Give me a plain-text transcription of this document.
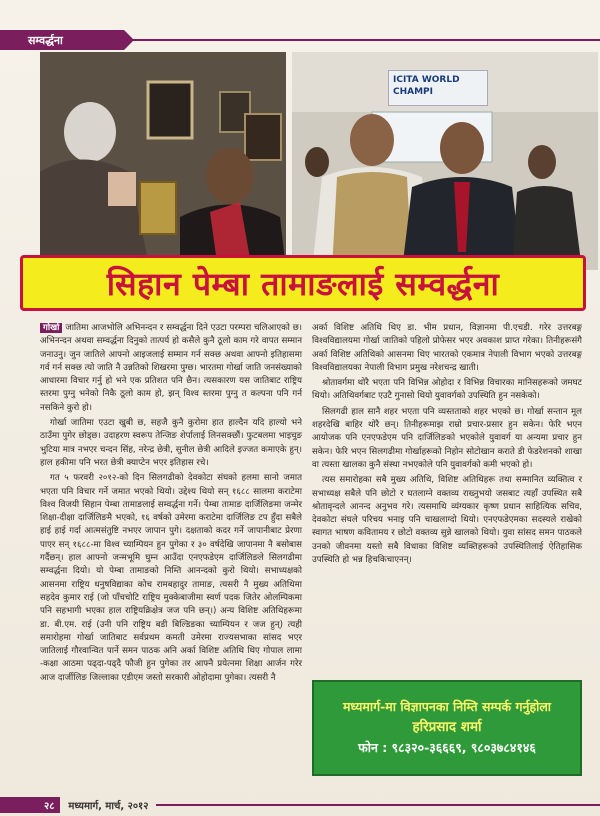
सम्वर्द्धना
ICITA WORLD CHAMPI
सिहान पेम्बा तामाङलाई सम्वर्द्धना

गोर्खा जातिमा आजभोलि अभिनन्दन र सम्वर्द्धना दिने एउटा परम्परा चलिआएको छ। अभिनन्दन अथवा सम्वर्द्धना दिनुको तात्पर्य हो कसैले कुनै ठूलो काम गरे वापत सम्मान जनाउनु। जुन जातिले आफ्नो आइजलाई सम्मान गर्न सक्छ अथवा आफ्नो इतिहासमा गर्व गर्न सक्छ त्यो जाति नै उन्नतिको शिखरमा पुग्छ। भारतमा गोर्खा जाति जनसंख्याको आधारमा विचार गर्नु हो भने एक प्रतिशत पनि छैन। त्यसकारण यस जातिबाट राष्ट्रिय स्तरमा पुग्नु भनेको निकै ठूलो काम हो, झन् विश्व स्तरमा पुग्नु त कल्पना पनि गर्न नसकिने कुरो हो।

गोर्खा जातिमा एउटा खुबी छ, सहजै कुनै कुरोमा हात हाल्दैन यदि हाल्यो भने ठाउँमा पुगेर छोड्छ। उदाहरण स्वरूप तेन्जिङ शेर्पालाई लिनसक्छौं। फुटबलमा भाइचुङ भुटिया मात्र नभएर चन्दन सिंह, नरेन्द्र छेत्री, सुनील छेत्री आदिले इज्जत कमाएके हुन्। हाल हकीमा पनि भरत छेत्री क्याप्टेन भएर इतिहास रचे।

गत ५ फरवरी २०१२-को दिन सिलगढीको देवकोटा संघको हलमा सानो जमात भएता पनि विचार गर्ने जमात भएको थियो। उद्देश्य थियो सन् १६८८ सालमा कराटेमा विश्व विजयी सिहान पेम्बा तामाङलाई सम्वर्द्धना गर्ने। पेम्बा तामाङ दार्जिलिङमा जन्मेर शिक्षा-दीक्षा दार्जिलिङमै भएको, १६ वर्षको उमेरमा कराटेमा दार्जिलिङ टप हुँदा सबैले हाई हाई गर्दा आत्मसंतुष्टि नभएर जापान पुगे। दक्षताको कदर गर्ने जापानीबाट प्रेरणा पाएर सन् १६८८-मा विश्व च्याम्पियन हुन पुगेका र ३० वर्षदेखि जापानमा नै बसोबास गर्दैछन्। हाल आफ्नो जन्मभूमि घुम्न आउँदा एनएफडेएम दार्जिलिङले सिलगढीमा सम्वर्द्धना दियो। यो पेम्बा तामाङको निम्ति आनन्दको कुरो थियो। सभाध्यक्षको आसनमा राष्ट्रिय धनुषविद्याका कोच रामबहादुर तामाङ, त्यसरी नै मुख्य अतिथिमा सहदेव कुमार राई (जो पाँचचोटि राष्ट्रिय मुक्केबाजीमा स्वर्ण पदक जितेर ओलम्पिकमा पनि सहभागी भएका हाल राष्ट्रियक्रिक्षेत्र जज पनि छन्।) अन्य विशिष्ट अतिथिहरूमा डा. बी.एम. राई (उनी पनि राष्ट्रिय बडी बिल्डिङका च्याम्पियन र जज हुन्) त्यही समारोहमा गोर्खा जातिबाट सर्वप्रथम कमती उमेरमा राज्यसभाका सांसद भएर जातिलाई गौरवान्वित पार्ने समन पाठक अनि अर्का विशिष्ट अतिथि थिए गोपाल लामा -कक्षा आठमा पढ्दा-पढ्दै फौजी हुन पुगेका तर आफ्नै प्रयेत्नमा शिक्षा आर्जन गरेर आज दार्जीलिङ जिल्लाका एडीएम जस्तो सरकारी ओहोदामा पुगेका। त्यसरी नै

अर्का विशिष्ट अतिथि थिए डा. भीम प्रधान, विज्ञानमा पी.एचडी. गरेर उत्तरबङ्ग विश्वविद्यालयमा गोर्खा जातिको पहिलो प्रोफेसर भएर अवकाश प्राप्त गरेका। तिनीहरूसंगै अर्का विशिष्ट अतिथिको आसनमा थिए भारतको एकमात्र नेपाली विभाग भएको उत्तरबङ्ग विश्वविद्यालयका नेपाली विभाग प्रमुख नरेशचन्द्र खाती।

श्रोतावर्गमा थोरै भएता पनि विभिन्न ओहोदा र विभिन्न विचारका मानिसहरूको जमघट थियो। अतिथिवर्गबाट एउटै गुनासो थियो युवावर्गको उपस्थिति हुन नसकेको।

सिलगढी हाल सानै शहर भएता पनि व्यस्तताको शहर भएको छ। गोर्खा सन्तान मूल शहरदेखि बाहिर थोरै छन्। तिनीहरूमाझ राम्रो प्रचार-प्रसार हुन सकेन। फेरि भएन आयोजक पनि एनएफडेएम पनि दार्जिलिङको भएकोले युवावर्ग या अन्यमा प्रचार हुन सकेन। फेरि भएन सिलगढीमा गोर्खाहरूको निहोन सोटोखान कराते डी फेडरेशनको शाखा वा त्यस्ता खालका कुनै संस्था नभएकोले पनि युवावर्गको कमी भएको हो।

त्यस समारोहका सबै मुख्य अतिथि, विशिष्ट अतिथिहरू तथा सम्मानित व्यक्तित्व र सभाध्यक्ष सबैले पनि छोटो र घतलाग्ने वक्तव्य राख्नुभयो जसबाट त्यहाँ उपस्थित सबै श्रोतावृन्दले आनन्द अनुभव गरे। त्यसमाथि व्यंग्यकार कृष्ण प्रधान साहित्यिक सचिव, देवकोटा संघले परिचय भनाइ पनि चाखलाग्दो थियो। एनएफडेएमका सदस्यले राखेको स्वागत भाषण कवितामय र छोटो वक्तव्य सुन्ने खालको थियो। युवा सांसद समन पाठकले उनको जीवनमा यस्तो सबै विधाका विशिष्ट व्यक्तिहरूको उपस्थितिलाई ऐतिहासिक उपस्थिति हो भन्न हिचकिचाएनन्।

मध्यमार्ग-मा विज्ञापनका निम्ति सम्पर्क गर्नुहोला
हरिप्रसाद शर्मा
फोन : ९८३२०-३६६६९, ९८०३७८४१४६
२८	मध्यमार्ग, मार्च, २०१२
